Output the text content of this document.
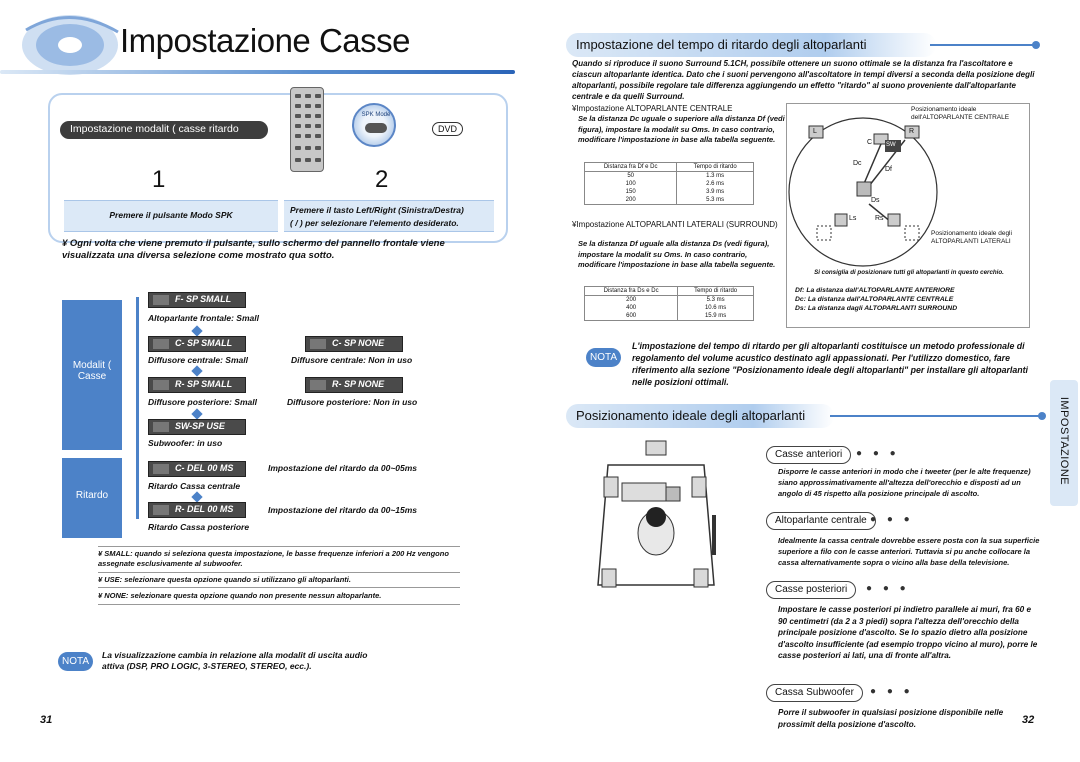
Impostazione Casse
Impostazione modalit ( casse ritardo
SPK Mode
DVD
1	2
Premere il pulsante Modo SPK	Premere il tasto Left/Right (Sinistra/Destra)
( / ) per selezionare l'elemento desiderato.
¥ Ogni volta che viene premuto il pulsante, sullo schermo del pannello frontale viene visualizzata una diversa selezione come mostrato qua sotto.
Modalit (
Casse
Ritardo
F- SP SMALL
Altoparlante frontale: Small
C- SP SMALL
Diffusore centrale: Small
R- SP SMALL
Diffusore posteriore: Small
SW-SP USE
Subwoofer: in uso
C- DEL 00 MS
Ritardo Cassa centrale
R- DEL 00 MS
Ritardo Cassa posteriore
C- SP NONE
Diffusore centrale: Non in uso
R- SP NONE
Diffusore posteriore: Non in uso
Impostazione del ritardo da 00~05ms
Impostazione del ritardo da 00~15ms
¥ SMALL: quando si seleziona questa impostazione, le basse frequenze inferiori a 200 Hz vengono assegnate esclusivamente al subwoofer.
¥ USE: selezionare questa opzione quando si utilizzano gli altoparlanti.
¥ NONE: selezionare questa opzione quando non presente nessun altoparlante.
NOTA
La visualizzazione cambia in relazione alla modalit di uscita audio attiva (DSP, PRO LOGIC, 3-STEREO, STEREO, ecc.).
31
Impostazione del tempo di ritardo degli altoparlanti
Quando si riproduce il suono Surround 5.1CH, possibile ottenere un suono ottimale se la distanza fra l'ascoltatore e ciascun altoparlante identica. Dato che i suoni pervengono all'ascoltatore in tempi diversi a seconda della posizione degli altoparlanti, possibile regolare tale differenza aggiungendo un effetto "ritardo" al suono proveniente dall'altoparlante centrale e da quelli Surround.
¥Impostazione ALTOPARLANTE CENTRALE
Se la distanza Dc uguale o superiore alla distanza Df (vedi figura), impostare la modalit su Oms. In caso contrario, modificare l'impostazione in base alla tabella seguente.
Distanza fra Df e Dc	Tempo di ritardo
50	1.3 ms
100	2.6 ms
150	3.9 ms
200	5.3 ms
¥Impostazione ALTOPARLANTI LATERALI (SURROUND)
Se la distanza Df uguale alla distanza Ds (vedi figura), impostare la modalit su Oms. In caso contrario, modificare l'impostazione in base alla tabella seguente.
Distanza fra Ds e Dc	Tempo di ritardo
200	5.3 ms
400	10.6 ms
600	15.9 ms
Posizionamento ideale dell'ALTOPARLANTE CENTRALE
Posizionamento ideale degli ALTOPARLANTI LATERALI
L
C SW
R
Dc
Df
Ds
Ls	Rs
Si consiglia di posizionare tutti gli altoparlanti in questo cerchio.
Df: La distanza dall'ALTOPARLANTE ANTERIORE
Dc: La distanza dall'ALTOPARLANTE CENTRALE
Ds: La distanza dagli ALTOPARLANTI SURROUND
NOTA
L'impostazione del tempo di ritardo per gli altoparlanti costituisce un metodo professionale di regolamento del volume acustico destinato agli appassionati. Per l'utilizzo domestico, fare riferimento alla sezione "Posizionamento ideale degli altoparlanti" per installare gli altoparlanti nelle posizioni ottimali.
IMPOSTAZIONE
Posizionamento ideale degli altoparlanti
Casse anteriori	● ● ●
Disporre le casse anteriori in modo che i tweeter (per le alte frequenze) siano approssimativamente all'altezza dell'orecchio e disposti ad un angolo di 45 rispetto alla posizione principale di ascolto.
Altoparlante centrale ● ● ●
Idealmente la cassa centrale dovrebbe essere posta con la sua superficie superiore a filo con le casse anteriori. Tuttavia si pu anche collocare la cassa alternativamente sopra o vicino alla base della televisione.
Casse posteriori	● ● ●
Impostare le casse posteriori pi indietro parallele ai muri, fra 60 e 90 centimetri (da 2 a 3 piedi) sopra l'altezza dell'orecchio della principale posizione d'ascolto. Se lo spazio dietro alla posizione d'ascolto insufficiente (ad esempio troppo vicino al muro), porre le casse posteriori ai lati, una di fronte all'altra.
Cassa Subwoofer	● ● ●
Porre il subwoofer in qualsiasi posizione disponibile nelle prossimit della posizione d'ascolto.	32
